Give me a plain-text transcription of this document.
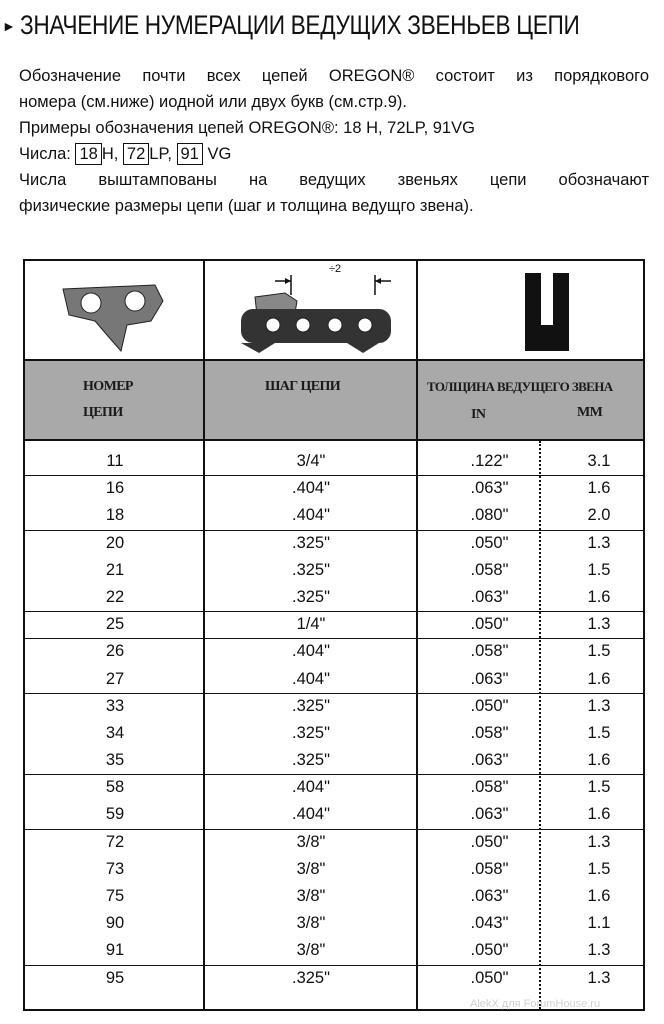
► ЗНАЧЕНИЕ НУМЕРАЦИИ ВЕДУЩИХ ЗВЕНЬЕВ ЦЕПИ

Обозначение почти всех цепей OREGON® состоит из порядкового

номера (см.ниже) иодной или двух букв (см.стр.9).

Примеры обозначения цепей OREGON®: 18 H, 72LP, 91VG

Числа: 18 H, 72 LP, 91 VG

Числа выштампованы на ведущих звеньях цепи обозначают

физические размеры цепи (шаг и толщина ведущго звена).

÷2
НОМЕР
ЦЕПИ
ШАГ ЦЕПИ	ТОЛЩИНА ВЕДУЩЕГО ЗВЕНА
IN	MM
11	3/4"	.122"	3.1
16	.404"	.063"	1.6
18	.404"	.080"	2.0
20	.325"	.050"	1.3
21	.325"	.058"	1.5
22	.325"	.063"	1.6
25	1/4"	.050"	1.3
26	.404"	.058"	1.5
27	.404"	.063"	1.6
33	.325"	.050"	1.3
34	.325"	.058"	1.5
35	.325"	.063"	1.6
58	.404"	.058"	1.5
59	.404"	.063"	1.6
72	3/8"	.050"	1.3
73	3/8"	.058"	1.5
75	3/8"	.063"	1.6
90	3/8"	.043"	1.1
91	3/8"	.050"	1.3
95	.325"	.050"	1.3
AlekX для ForumHouse.ru
